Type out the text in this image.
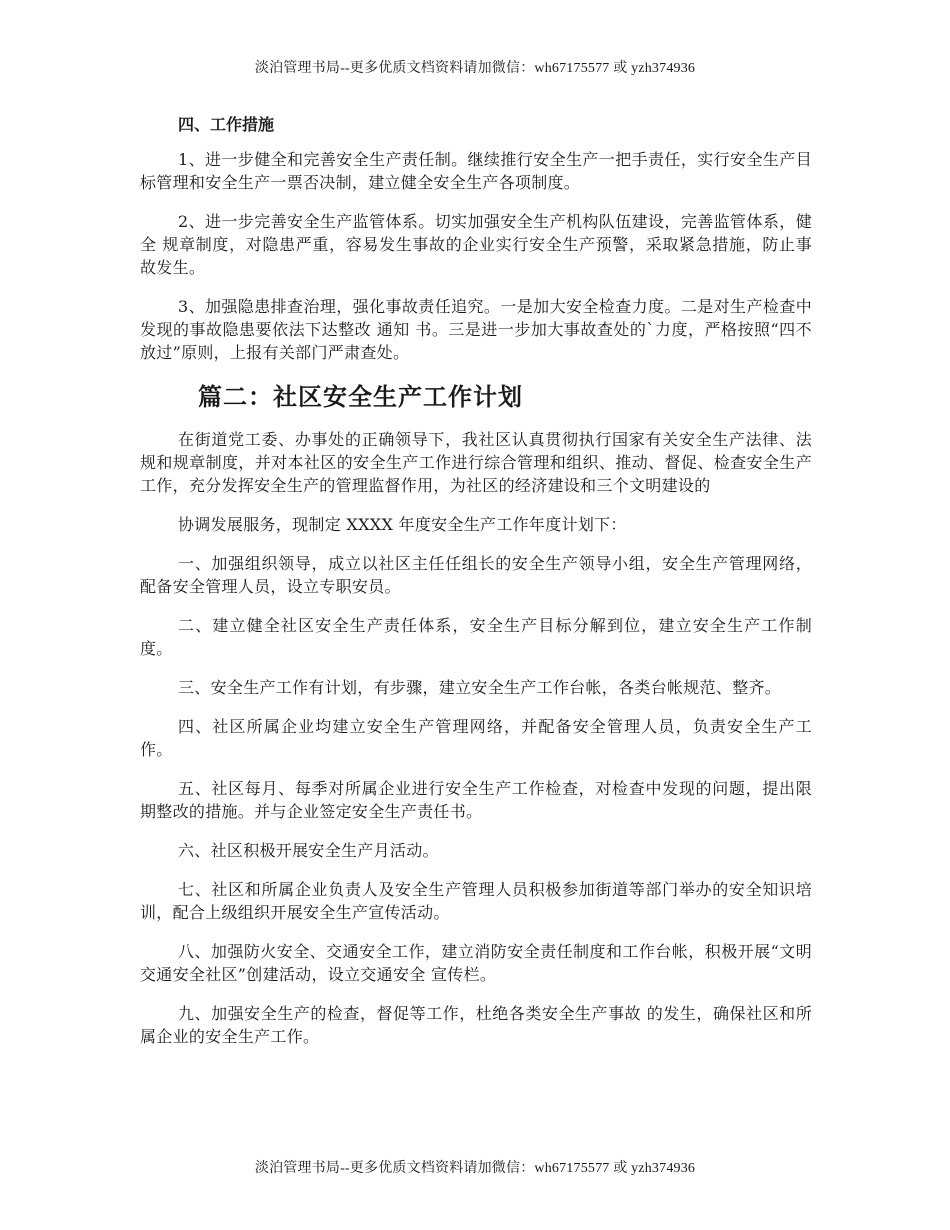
淡泊管理书局--更多优质文档资料请加微信：wh67175577 或 yzh374936
四、工作措施

1、进一步健全和完善安全生产责任制。继续推行安全生产一把手责任，实行安全生产目标管理和安全生产一票否决制，建立健全安全生产各项制度。

2、进一步完善安全生产监管体系。切实加强安全生产机构队伍建设，完善监管体系，健全 规章制度，对隐患严重，容易发生事故的企业实行安全生产预警，采取紧急措施，防止事故发生。

3、加强隐患排查治理，强化事故责任追究。一是加大安全检查力度。二是对生产检查中发现的事故隐患要依法下达整改 通知 书。三是进一步加大事故查处的`力度，严格按照“四不放过”原则，上报有关部门严肃查处。

篇二：社区安全生产工作计划

在街道党工委、办事处的正确领导下，我社区认真贯彻执行国家有关安全生产法律、法规和规章制度，并对本社区的安全生产工作进行综合管理和组织、推动、督促、检查安全生产工作，充分发挥安全生产的管理监督作用，为社区的经济建设和三个文明建设的

协调发展服务，现制定 XXXX 年度安全生产工作年度计划下：

一、加强组织领导，成立以社区主任任组长的安全生产领导小组，安全生产管理网络，配备安全管理人员，设立专职安员。

二、建立健全社区安全生产责任体系，安全生产目标分解到位，建立安全生产工作制度。

三、安全生产工作有计划，有步骤，建立安全生产工作台帐，各类台帐规范、整齐。

四、社区所属企业均建立安全生产管理网络，并配备安全管理人员，负责安全生产工作。

五、社区每月、每季对所属企业进行安全生产工作检查，对检查中发现的问题，提出限期整改的措施。并与企业签定安全生产责任书。

六、社区积极开展安全生产月活动。

七、社区和所属企业负责人及安全生产管理人员积极参加街道等部门举办的安全知识培训，配合上级组织开展安全生产宣传活动。

八、加强防火安全、交通安全工作，建立消防安全责任制度和工作台帐，积极开展“文明交通安全社区”创建活动，设立交通安全 宣传栏。

九、加强安全生产的检查，督促等工作，杜绝各类安全生产事故 的发生，确保社区和所属企业的安全生产工作。

淡泊管理书局--更多优质文档资料请加微信：wh67175577 或 yzh374936
